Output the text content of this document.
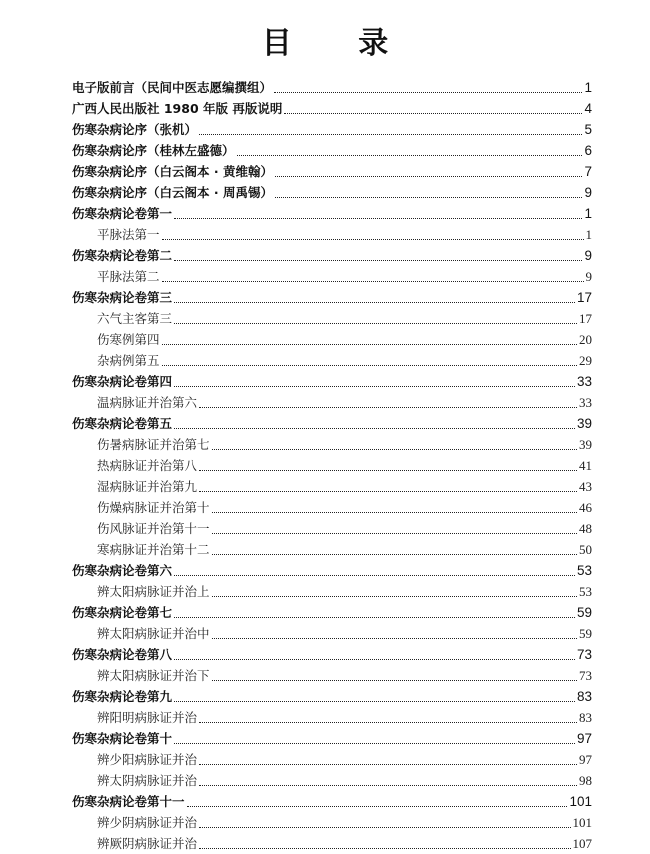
目 录
电子版前言（民间中医志愿编撰组）	1
广西人民出版社 1980 年版 再版说明	4
伤寒杂病论序（张机）	5
伤寒杂病论序（桂林左盛德）	6
伤寒杂病论序（白云阁本 · 黄维翰）	7
伤寒杂病论序（白云阁本 · 周禹锡）	9
伤寒杂病论卷第一	1
平脉法第一	1
伤寒杂病论卷第二	9
平脉法第二	9
伤寒杂病论卷第三	17
六气主客第三	17
伤寒例第四	20
杂病例第五	29
伤寒杂病论卷第四	33
温病脉证并治第六	33
伤寒杂病论卷第五	39
伤暑病脉证并治第七	39
热病脉证并治第八	41
湿病脉证并治第九	43
伤燥病脉证并治第十	46
伤风脉证并治第十一	48
寒病脉证并治第十二	50
伤寒杂病论卷第六	53
辨太阳病脉证并治上	53
伤寒杂病论卷第七	59
辨太阳病脉证并治中	59
伤寒杂病论卷第八	73
辨太阳病脉证并治下	73
伤寒杂病论卷第九	83
辨阳明病脉证并治	83
伤寒杂病论卷第十	97
辨少阳病脉证并治	97
辨太阴病脉证并治	98
伤寒杂病论卷第十一	101
辨少阴病脉证并治	101
辨厥阴病脉证并治	107
